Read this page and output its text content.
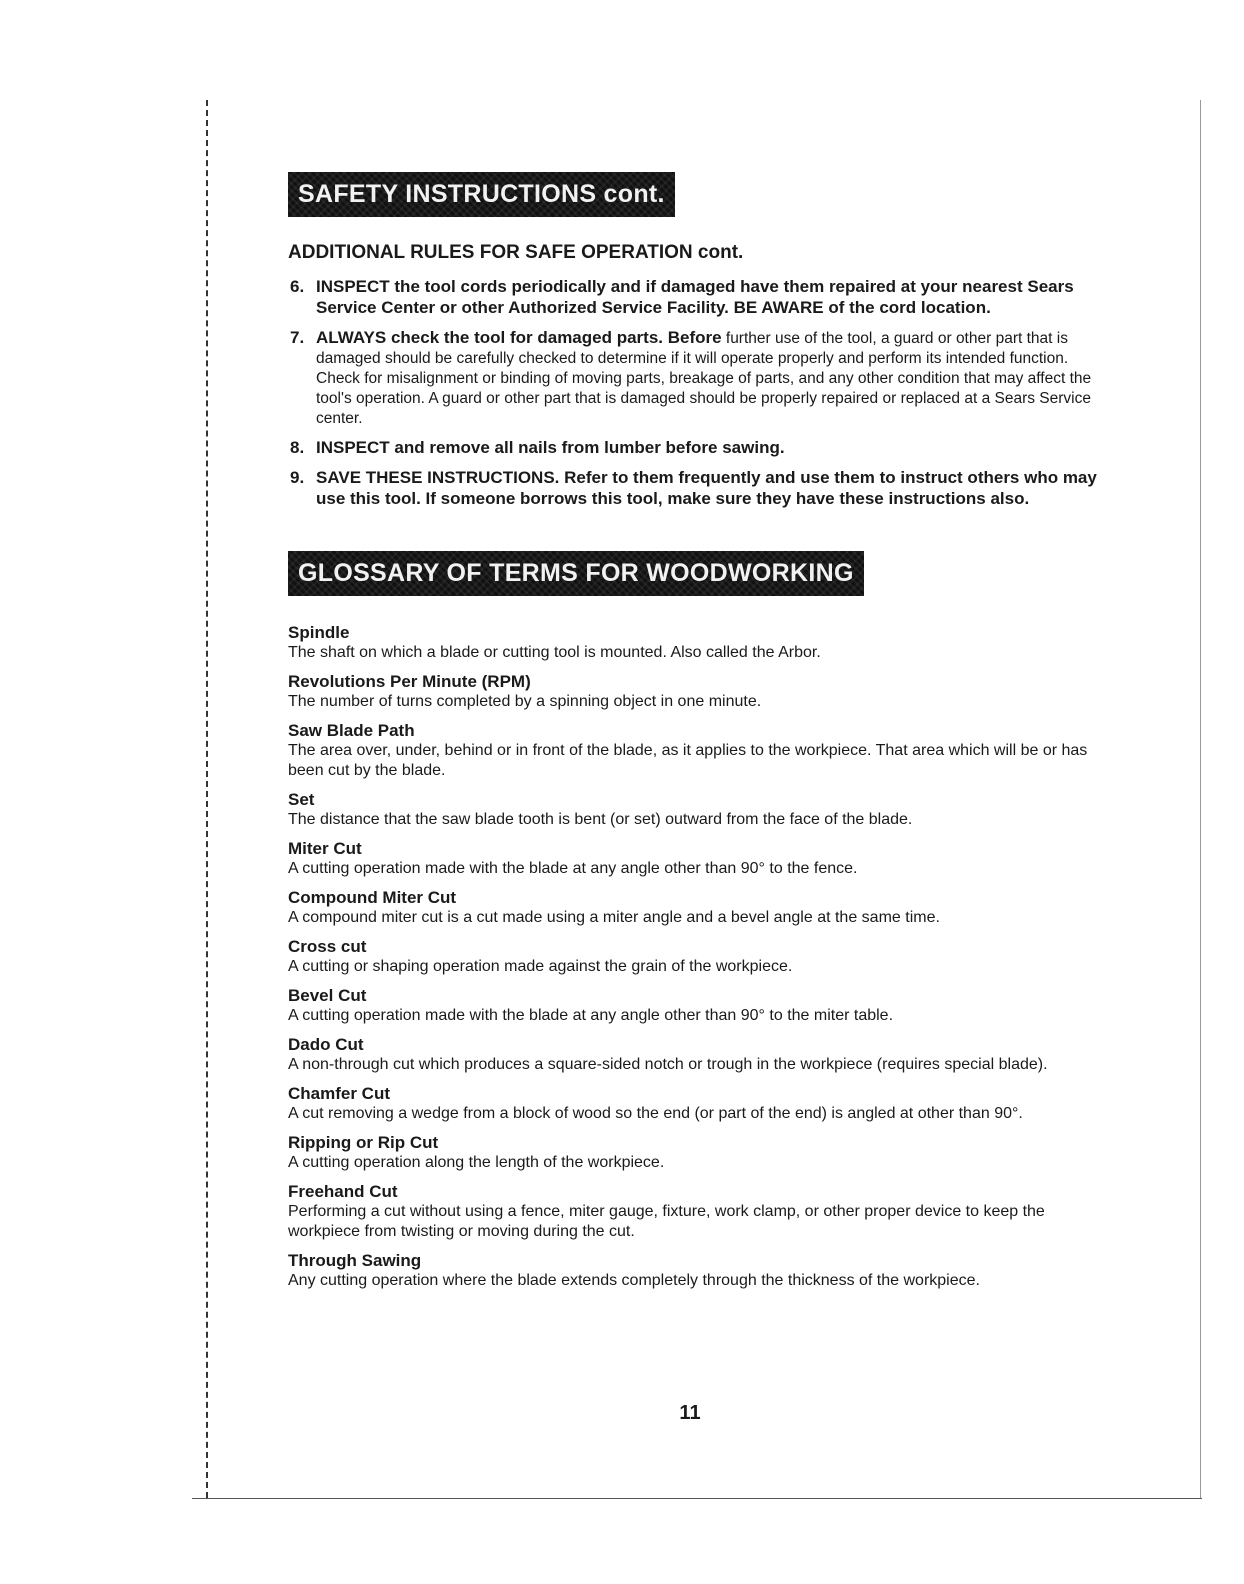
SAFETY INSTRUCTIONS cont.
ADDITIONAL RULES FOR SAFE OPERATION cont.
6. INSPECT the tool cords periodically and if damaged have them repaired at your nearest Sears Service Center or other Authorized Service Facility. BE AWARE of the cord location.
7. ALWAYS check the tool for damaged parts. Before further use of the tool, a guard or other part that is damaged should be carefully checked to determine if it will operate properly and perform its intended function. Check for misalignment or binding of moving parts, breakage of parts, and any other condition that may affect the tool's operation. A guard or other part that is damaged should be properly repaired or replaced at a Sears Service center.
8. INSPECT and remove all nails from lumber before sawing.
9. SAVE THESE INSTRUCTIONS. Refer to them frequently and use them to instruct others who may use this tool. If someone borrows this tool, make sure they have these instructions also.
GLOSSARY OF TERMS FOR WOODWORKING
Spindle
The shaft on which a blade or cutting tool is mounted. Also called the Arbor.
Revolutions Per Minute (RPM)
The number of turns completed by a spinning object in one minute.
Saw Blade Path
The area over, under, behind or in front of the blade, as it applies to the workpiece. That area which will be or has been cut by the blade.
Set
The distance that the saw blade tooth is bent (or set) outward from the face of the blade.
Miter Cut
A cutting operation made with the blade at any angle other than 90° to the fence.
Compound Miter Cut
A compound miter cut is a cut made using a miter angle and a bevel angle at the same time.
Cross cut
A cutting or shaping operation made against the grain of the workpiece.
Bevel Cut
A cutting operation made with the blade at any angle other than 90° to the miter table.
Dado Cut
A non-through cut which produces a square-sided notch or trough in the workpiece (requires special blade).
Chamfer Cut
A cut removing a wedge from a block of wood so the end (or part of the end) is angled at other than 90°.
Ripping or Rip Cut
A cutting operation along the length of the workpiece.
Freehand Cut
Performing a cut without using a fence, miter gauge, fixture, work clamp, or other proper device to keep the workpiece from twisting or moving during the cut.
Through Sawing
Any cutting operation where the blade extends completely through the thickness of the workpiece.
11
